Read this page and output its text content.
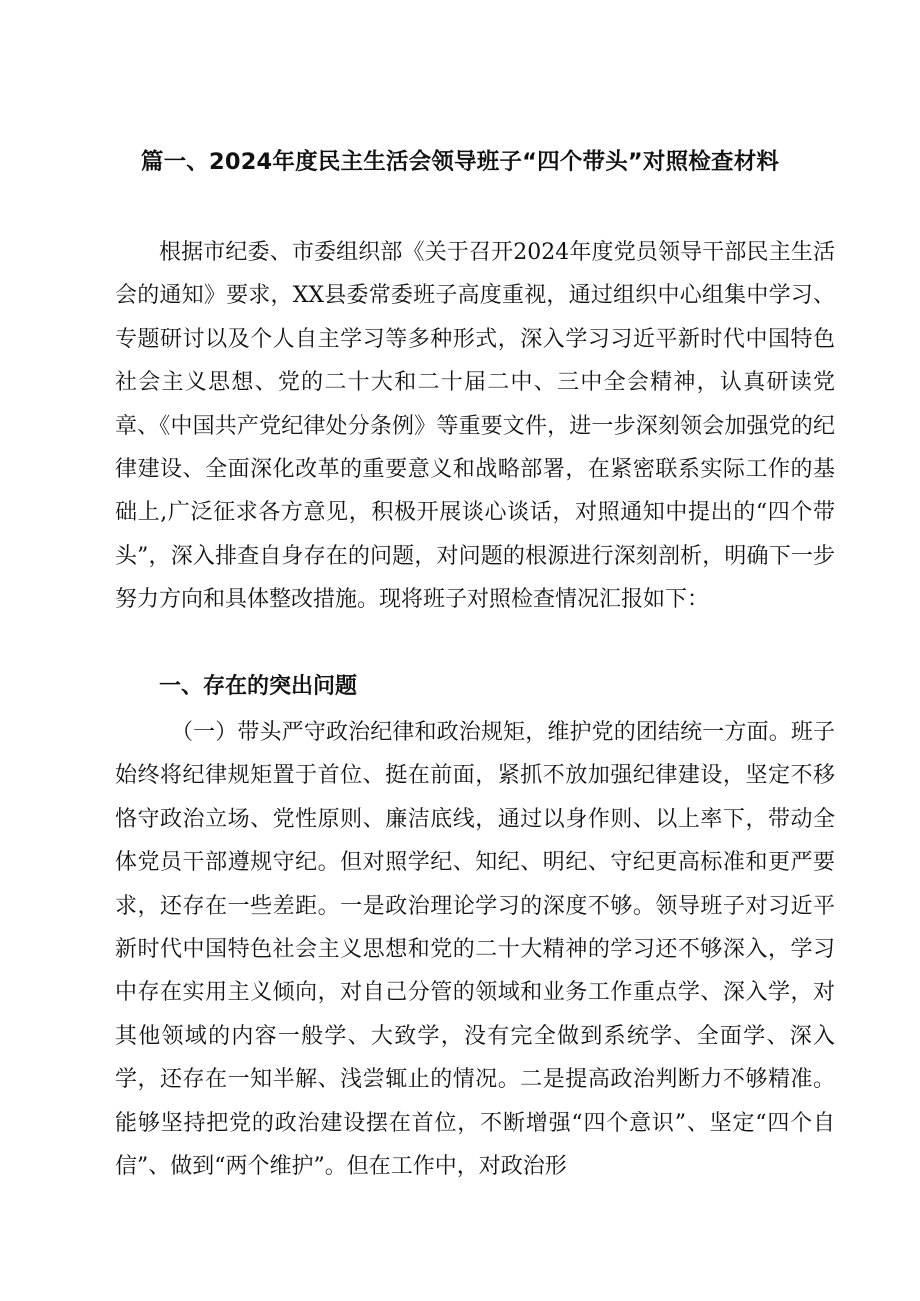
篇一、2024年度民主生活会领导班子“四个带头”对照检查材料

根据市纪委、市委组织部《关于召开2024年度党员领导干部民主生活会的通知》要求，XX县委常委班子高度重视，通过组织中心组集中学习、专题研讨以及个人自主学习等多种形式，深入学习习近平新时代中国特色社会主义思想、党的二十大和二十届二中、三中全会精神，认真研读党章、《中国共产党纪律处分条例》等重要文件，进一步深刻领会加强党的纪律建设、全面深化改革的重要意义和战略部署，在紧密联系实际工作的基础上,广泛征求各方意见，积极开展谈心谈话，对照通知中提出的“四个带头”，深入排查自身存在的问题，对问题的根源进行深刻剖析，明确下一步努力方向和具体整改措施。现将班子对照检查情况汇报如下：

一、存在的突出问题

（一）带头严守政治纪律和政治规矩，维护党的团结统一方面。班子始终将纪律规矩置于首位、挺在前面，紧抓不放加强纪律建设，坚定不移恪守政治立场、党性原则、廉洁底线，通过以身作则、以上率下，带动全体党员干部遵规守纪。但对照学纪、知纪、明纪、守纪更高标准和更严要求，还存在一些差距。一是政治理论学习的深度不够。领导班子对习近平新时代中国特色社会主义思想和党的二十大精神的学习还不够深入，学习中存在实用主义倾向，对自己分管的领域和业务工作重点学、深入学，对其他领域的内容一般学、大致学，没有完全做到系统学、全面学、深入学，还存在一知半解、浅尝辄止的情况。二是提高政治判断力不够精准。能够坚持把党的政治建设摆在首位，不断增强“四个意识”、坚定“四个自信”、做到“两个维护”。但在工作中，对政治形
